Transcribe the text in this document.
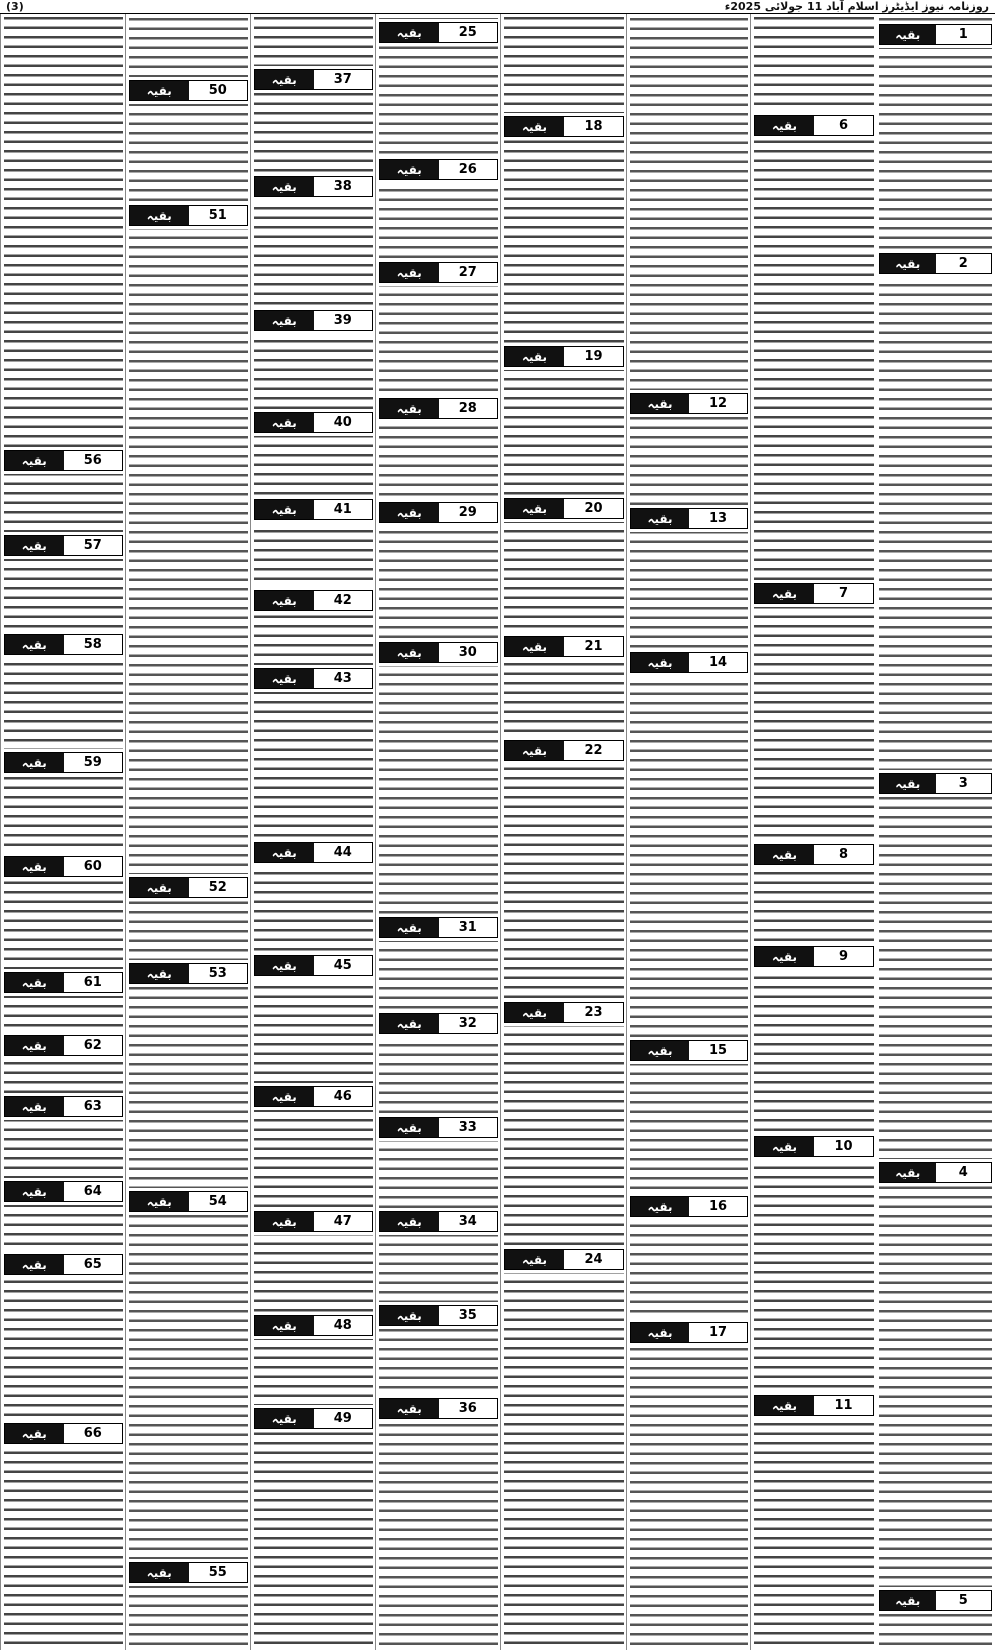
روزنامہ نیوز ایڈیٹرز اسلام آباد 11 جولائی 2025ء
(3)
بقیہ	1
بقیہ	2
بقیہ	3
بقیہ	4
بقیہ	5
بقیہ	6
بقیہ	7
بقیہ	8
بقیہ	9
بقیہ	10
بقیہ	11
بقیہ	12
بقیہ	13
بقیہ	14
بقیہ	15
بقیہ	16
بقیہ	17
بقیہ	18
بقیہ	19
بقیہ	20
بقیہ	21
بقیہ	22
بقیہ	23
بقیہ	24
بقیہ	25
بقیہ	26
بقیہ	27
بقیہ	28
بقیہ	29
بقیہ	30
بقیہ	31
بقیہ	32
بقیہ	33
بقیہ	34
بقیہ	35
بقیہ	36
بقیہ	37
بقیہ	38
بقیہ	39
بقیہ	40
بقیہ	41
بقیہ	42
بقیہ	43
بقیہ	44
بقیہ	45
بقیہ	46
بقیہ	47
بقیہ	48
بقیہ	49
بقیہ	50
بقیہ	51
بقیہ	52
بقیہ	53
بقیہ	54
بقیہ	55
بقیہ	56
بقیہ	57
بقیہ	58
بقیہ	59
بقیہ	60
بقیہ	61
بقیہ	62
بقیہ	63
بقیہ	64
بقیہ	65
بقیہ	66
